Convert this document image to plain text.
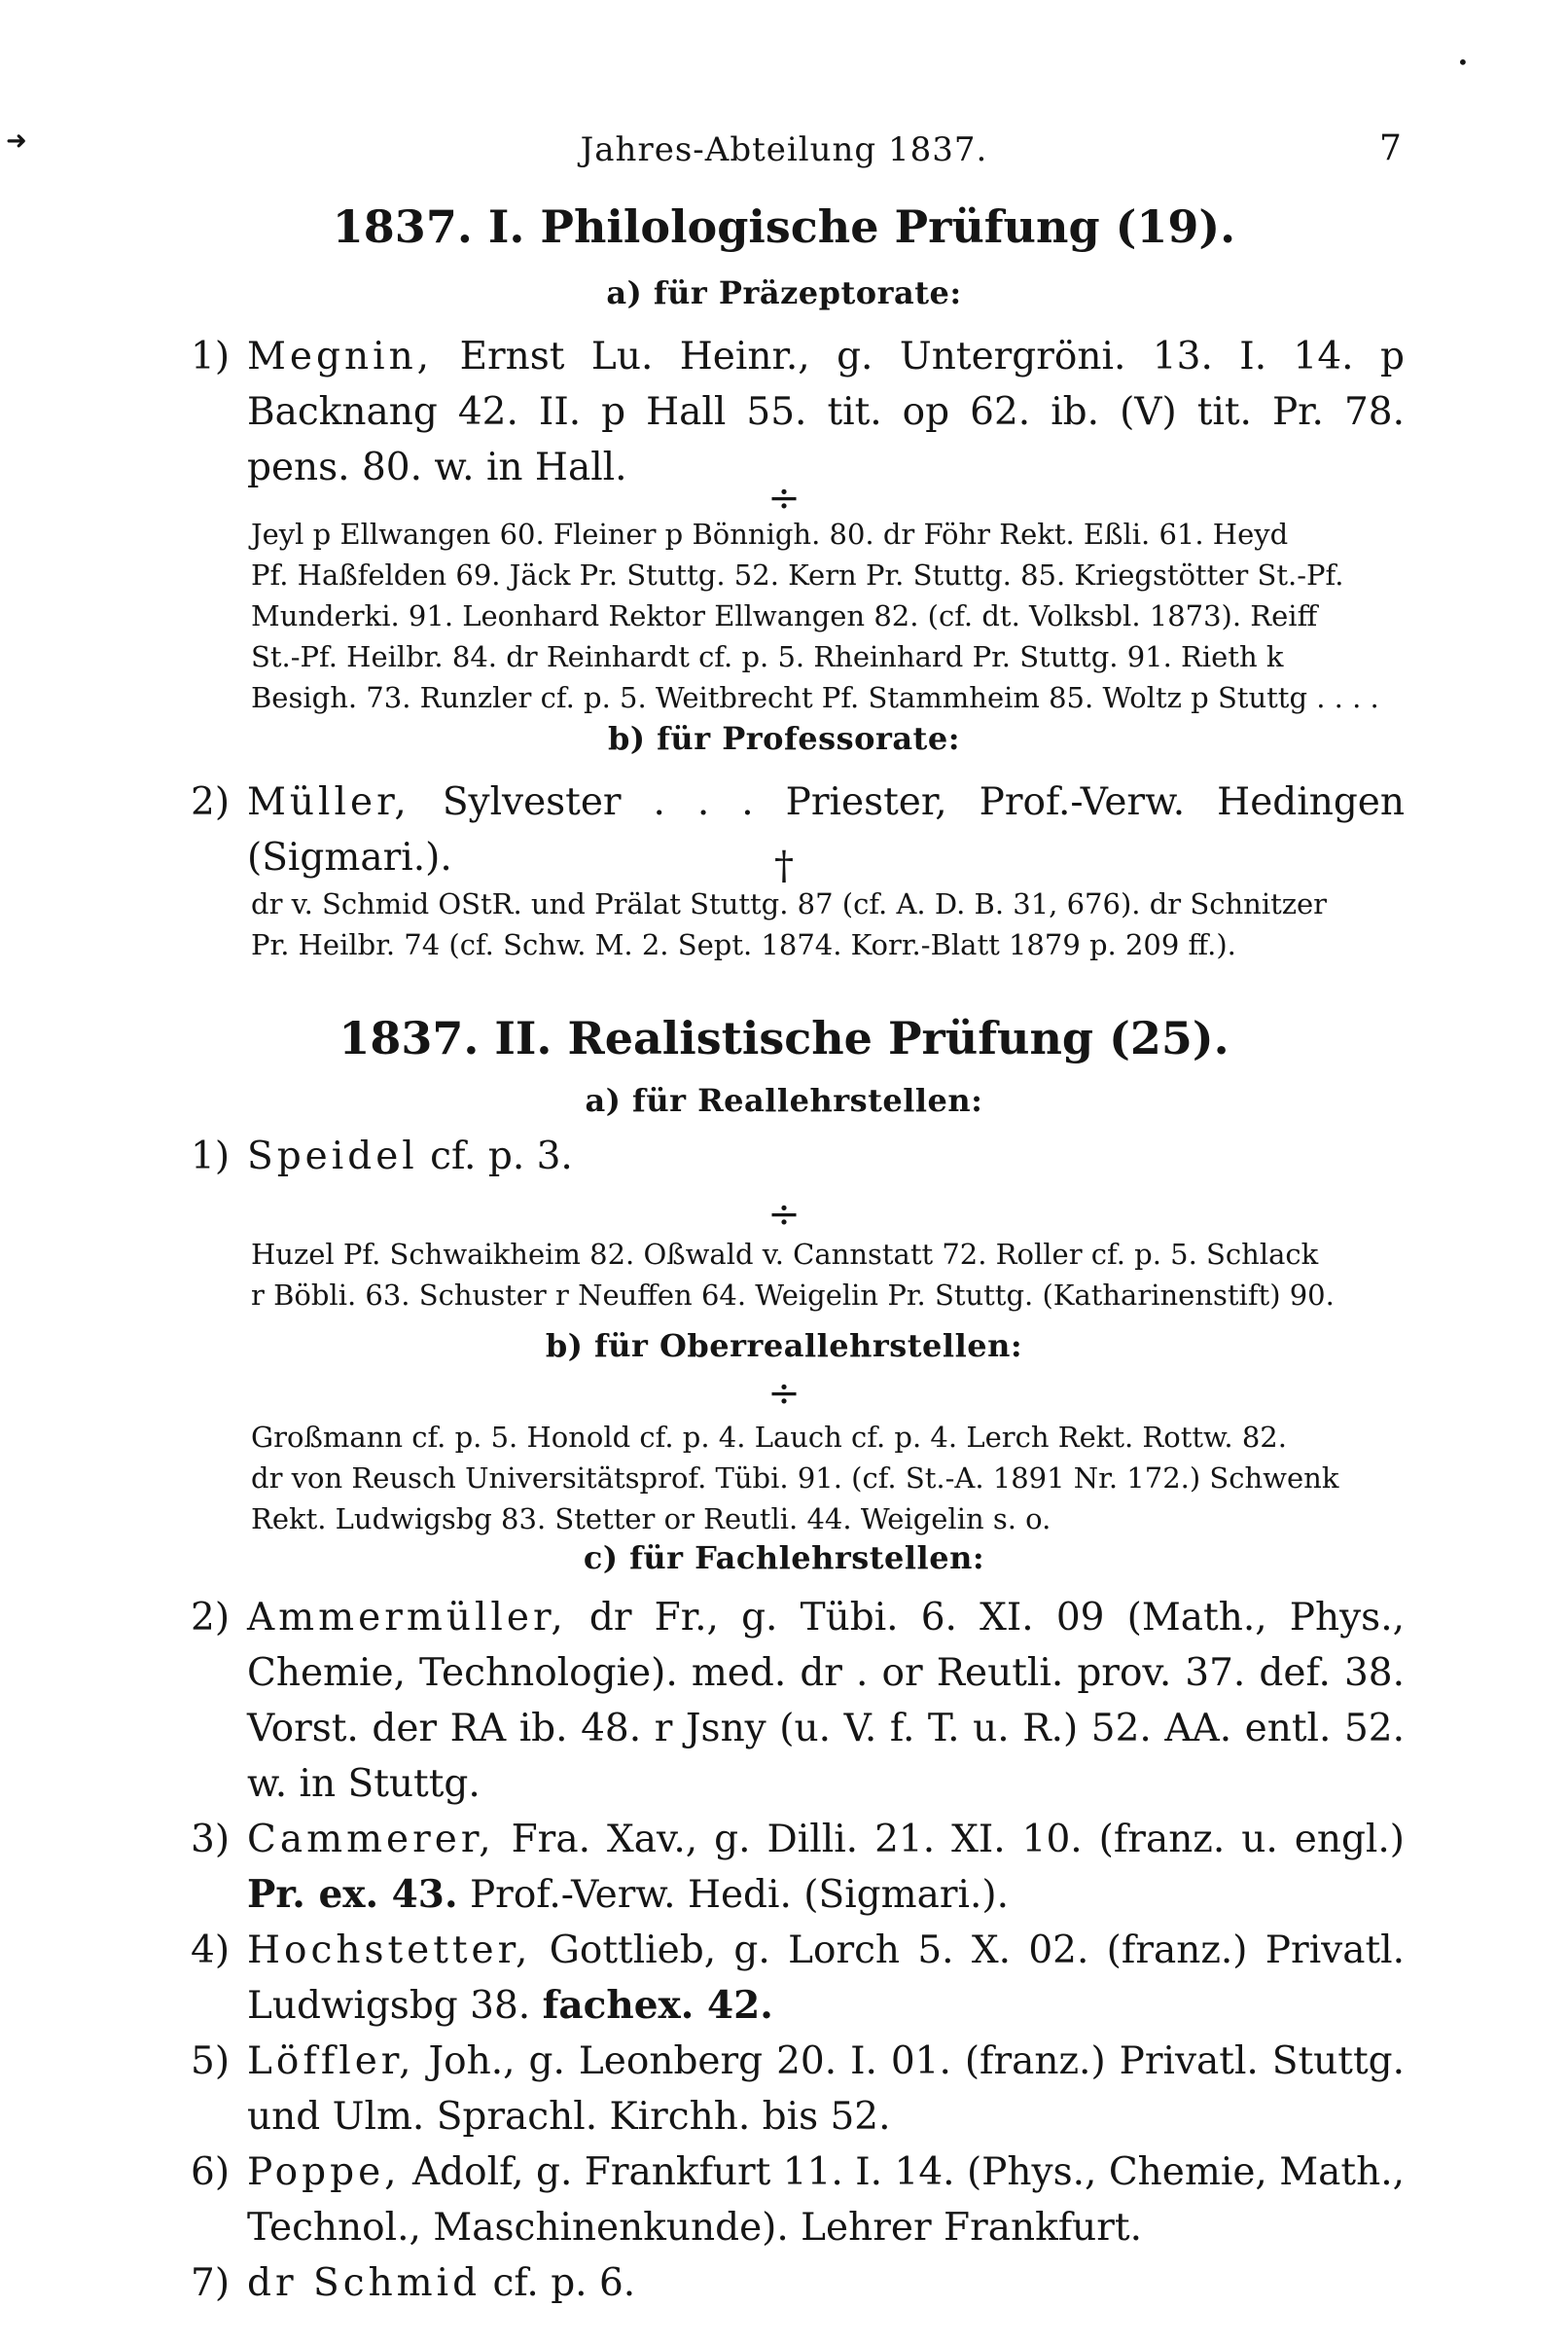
➜
•
Jahres-Abteilung 1837.	7
1837. I. Philologische Prüfung (19).
a) für Präzeptorate:
1) Megnin, Ernst Lu. Heinr., g. Untergröni. 13. I. 14. p Backnang 42. II. p Hall 55. tit. op 62. ib. (V) tit. Pr. 78. pens. 80. w. in Hall.
÷
Jeyl p Ellwangen 60. Fleiner p Bönnigh. 80. dr Föhr Rekt. Eßli. 61. Heyd
Pf. Haßfelden 69. Jäck Pr. Stuttg. 52. Kern Pr. Stuttg. 85. Kriegstötter St.-Pf.
Munderki. 91. Leonhard Rektor Ellwangen 82. (cf. dt. Volksbl. 1873). Reiff
St.-Pf. Heilbr. 84. dr Reinhardt cf. p. 5. Rheinhard Pr. Stuttg. 91. Rieth k
Besigh. 73. Runzler cf. p. 5. Weitbrecht Pf. Stammheim 85. Woltz p Stuttg . . . .
b) für Professorate:
2) Müller, Sylvester . . . Priester, Prof.-Verw. Hedingen (Sigmari.).	†
dr v. Schmid OStR. und Prälat Stuttg. 87 (cf. A. D. B. 31, 676). dr Schnitzer
Pr. Heilbr. 74 (cf. Schw. M. 2. Sept. 1874. Korr.-Blatt 1879 p. 209 ff.).
1837. II. Realistische Prüfung (25).
a) für Reallehrstellen:
1) Speidel cf. p. 3.
÷
Huzel Pf. Schwaikheim 82. Oßwald v. Cannstatt 72. Roller cf. p. 5. Schlack
r Böbli. 63. Schuster r Neuffen 64. Weigelin Pr. Stuttg. (Katharinenstift) 90.
b) für Oberreallehrstellen:
÷
Großmann cf. p. 5. Honold cf. p. 4. Lauch cf. p. 4. Lerch Rekt. Rottw. 82.
dr von Reusch Universitätsprof. Tübi. 91. (cf. St.-A. 1891 Nr. 172.) Schwenk
Rekt. Ludwigsbg 83. Stetter or Reutli. 44. Weigelin s. o.
c) für Fachlehrstellen:
2) Ammermüller, dr Fr., g. Tübi. 6. XI. 09 (Math., Phys., Chemie, Technologie). med. dr . or Reutli. prov. 37. def. 38. Vorst. der RA ib. 48. r Jsny (u. V. f. T. u. R.) 52. AA. entl. 52. w. in Stuttg.
3) Cammerer, Fra. Xav., g. Dilli. 21. XI. 10. (franz. u. engl.) Pr. ex. 43. Prof.-Verw. Hedi. (Sigmari.).
4) Hochstetter, Gottlieb, g. Lorch 5. X. 02. (franz.) Privatl. Ludwigsbg 38. fachex. 42.
5) Löffler, Joh., g. Leonberg 20. I. 01. (franz.) Privatl. Stuttg. und Ulm. Sprachl. Kirchh. bis 52.
6) Poppe, Adolf, g. Frankfurt 11. I. 14. (Phys., Chemie, Math., Technol., Maschinenkunde). Lehrer Frankfurt.
7) dr Schmid cf. p. 6.
